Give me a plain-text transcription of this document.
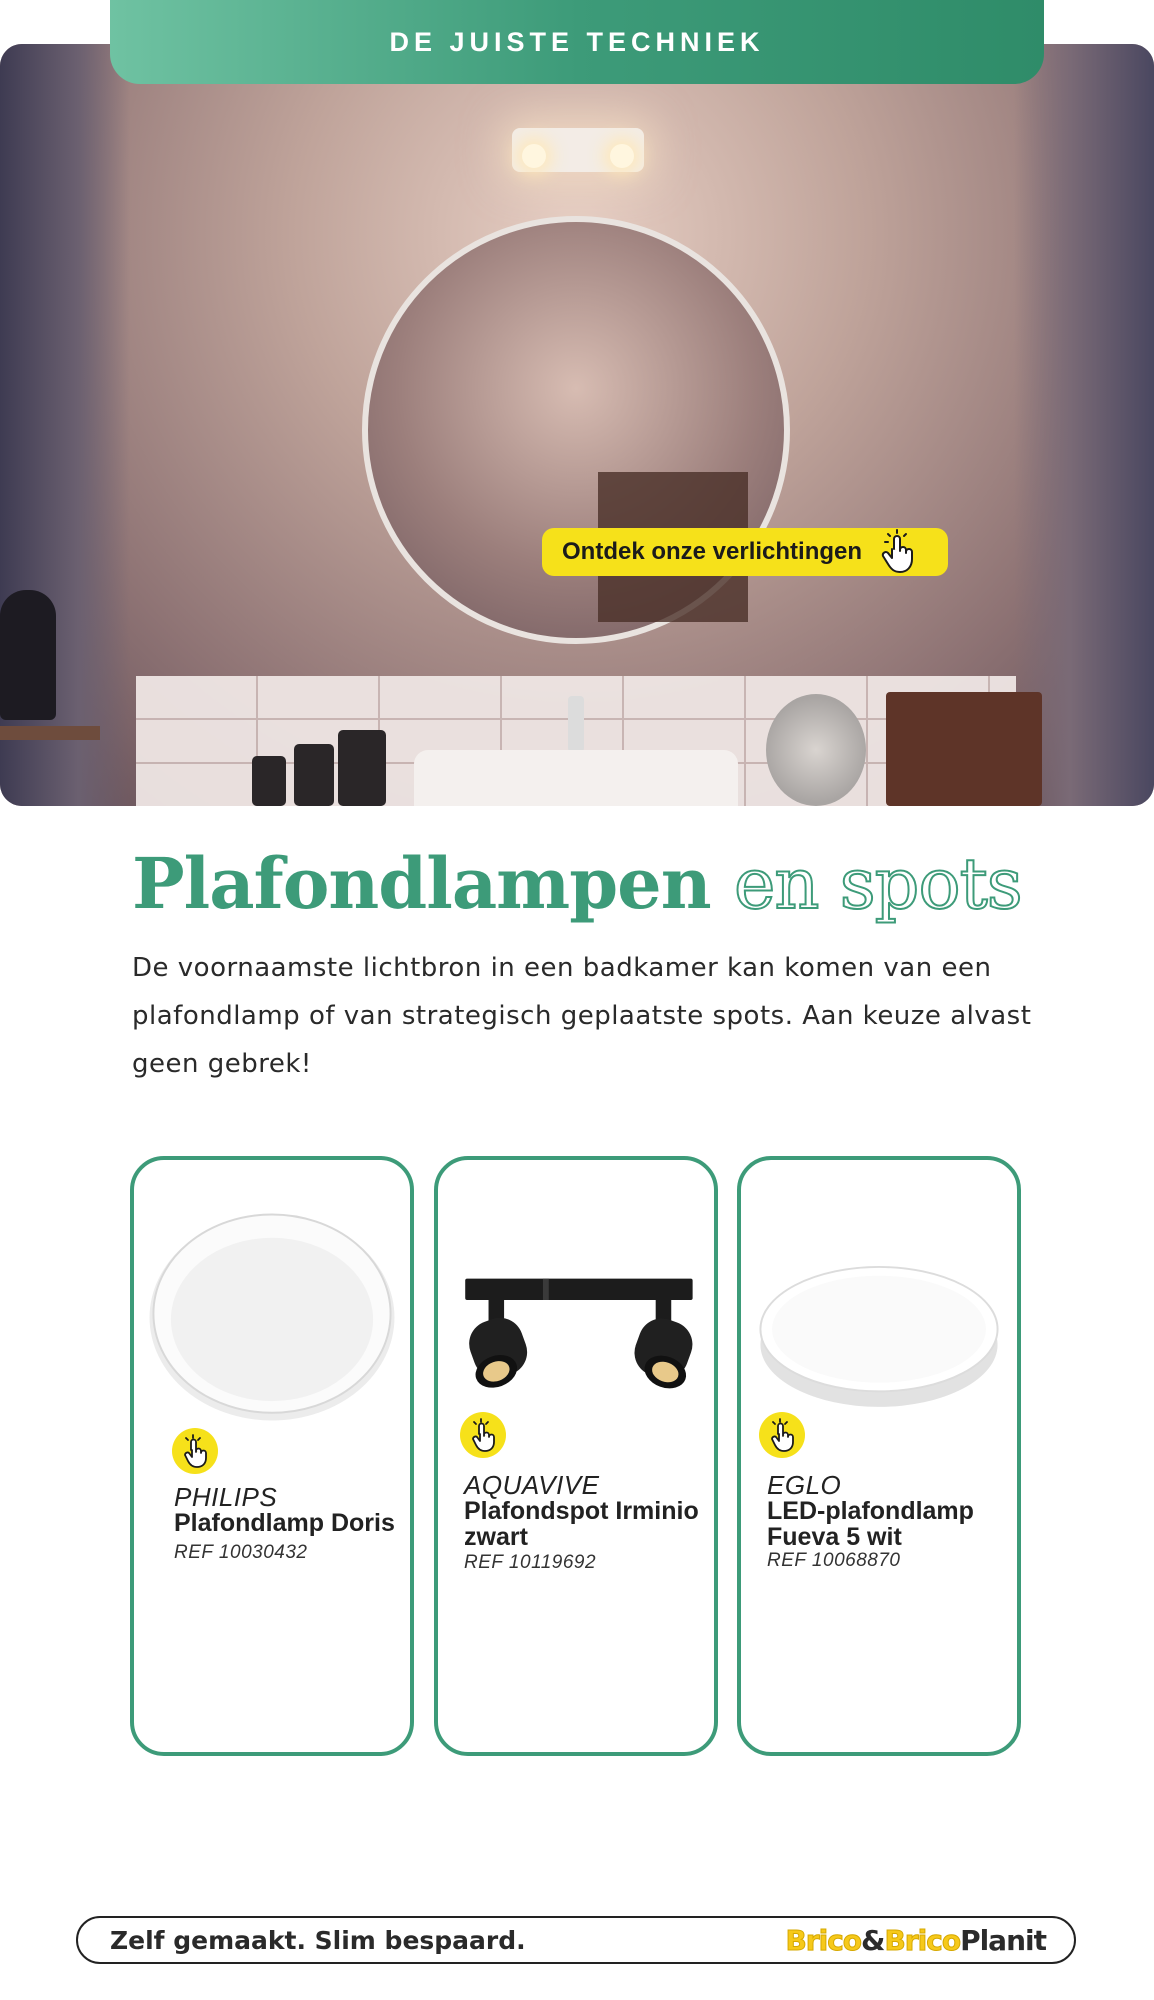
Ontdek onze verlichtingen
DE JUISTE TECHNIEK
Plafondlampen en spots

De voornaamste lichtbron in een badkamer kan komen van een plafondlamp of van strategisch geplaatste spots. Aan keuze alvast geen gebrek!

PHILIPS
Plafondlamp Doris
REF 10030432
AQUAVIVE
Plafondspot Irminio zwart
REF 10119692
EGLO
LED-plafondlamp Fueva 5 wit
REF 10068870
Zelf gemaakt. Slim bespaard.	Brico&BricoPlanit
